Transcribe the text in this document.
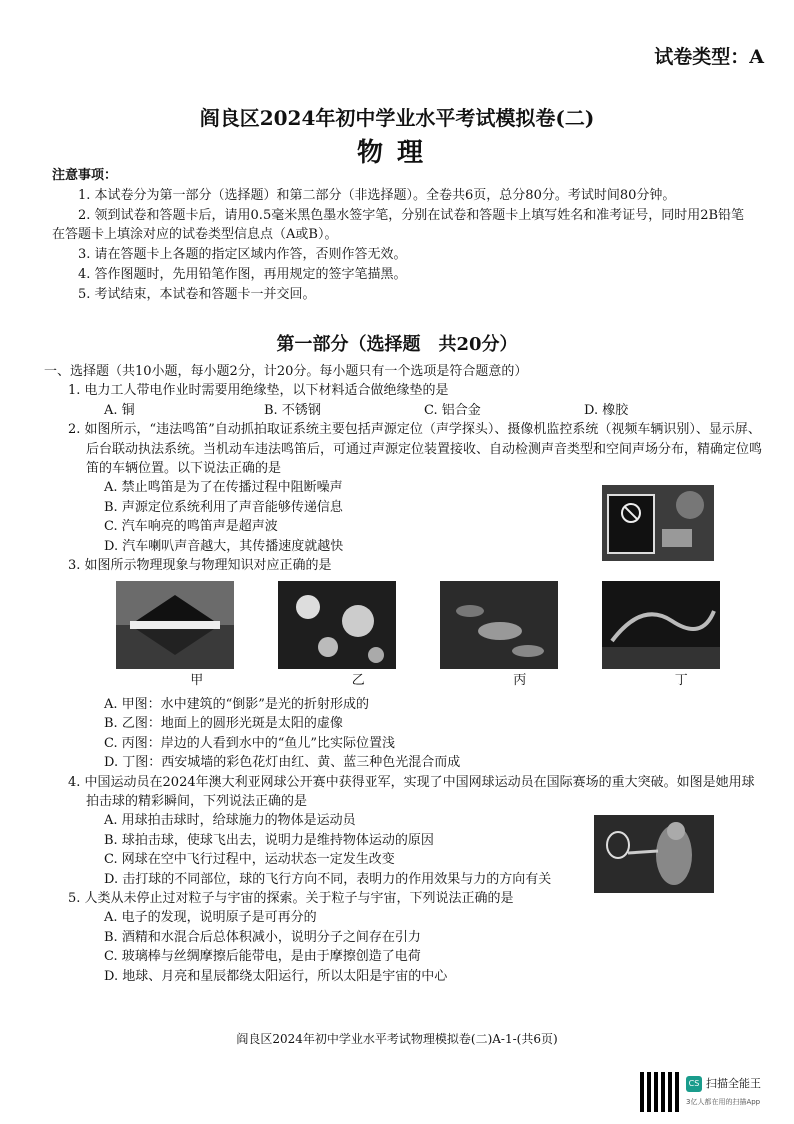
试卷类型：A
阎良区2024年初中学业水平考试模拟卷(二)
物理
注意事项：
1. 本试卷分为第一部分（选择题）和第二部分（非选择题）。全卷共6页，总分80分。考试时间80分钟。
2. 领到试卷和答题卡后，请用0.5毫米黑色墨水签字笔，分别在试卷和答题卡上填写姓名和准考证号，同时用2B铅笔在答题卡上填涂对应的试卷类型信息点（A或B）。
3. 请在答题卡上各题的指定区域内作答，否则作答无效。
4. 答作图题时，先用铅笔作图，再用规定的签字笔描黑。
5. 考试结束，本试卷和答题卡一并交回。
第一部分（选择题　共20分）
一、选择题（共10小题，每小题2分，计20分。每小题只有一个选项是符合题意的）
1. 电力工人带电作业时需要用绝缘垫，以下材料适合做绝缘垫的是
A. 铜	B. 不锈钢	C. 铝合金	D. 橡胶
2. 如图所示，“违法鸣笛”自动抓拍取证系统主要包括声源定位（声学探头）、摄像机监控系统（视频车辆识别）、显示屏、后台联动执法系统。当机动车违法鸣笛后，可通过声源定位装置接收、自动检测声音类型和空间声场分布，精确定位鸣笛的车辆位置。以下说法正确的是
A. 禁止鸣笛是为了在传播过程中阻断噪声
B. 声源定位系统利用了声音能够传递信息
C. 汽车响亮的鸣笛声是超声波
D. 汽车喇叭声音越大，其传播速度就越快
3. 如图所示物理现象与物理知识对应正确的是
甲	乙	丙	丁
A. 甲图：水中建筑的“倒影”是光的折射形成的
B. 乙图：地面上的圆形光斑是太阳的虚像
C. 丙图：岸边的人看到水中的“鱼儿”比实际位置浅
D. 丁图：西安城墙的彩色花灯由红、黄、蓝三种色光混合而成
4. 中国运动员在2024年澳大利亚网球公开赛中获得亚军，实现了中国网球运动员在国际赛场的重大突破。如图是她用球拍击球的精彩瞬间，下列说法正确的是
A. 用球拍击球时，给球施力的物体是运动员
B. 球拍击球，使球飞出去，说明力是维持物体运动的原因
C. 网球在空中飞行过程中，运动状态一定发生改变
D. 击打球的不同部位，球的飞行方向不同，表明力的作用效果与力的方向有关
5. 人类从未停止过对粒子与宇宙的探索。关于粒子与宇宙，下列说法正确的是
A. 电子的发现，说明原子是可再分的
B. 酒精和水混合后总体积减小，说明分子之间存在引力
C. 玻璃棒与丝绸摩擦后能带电，是由于摩擦创造了电荷
D. 地球、月亮和星辰都绕太阳运行，所以太阳是宇宙的中心
阎良区2024年初中学业水平考试物理模拟卷(二)A-1-(共6页)
CS 扫描全能王
3亿人都在用的扫描App
